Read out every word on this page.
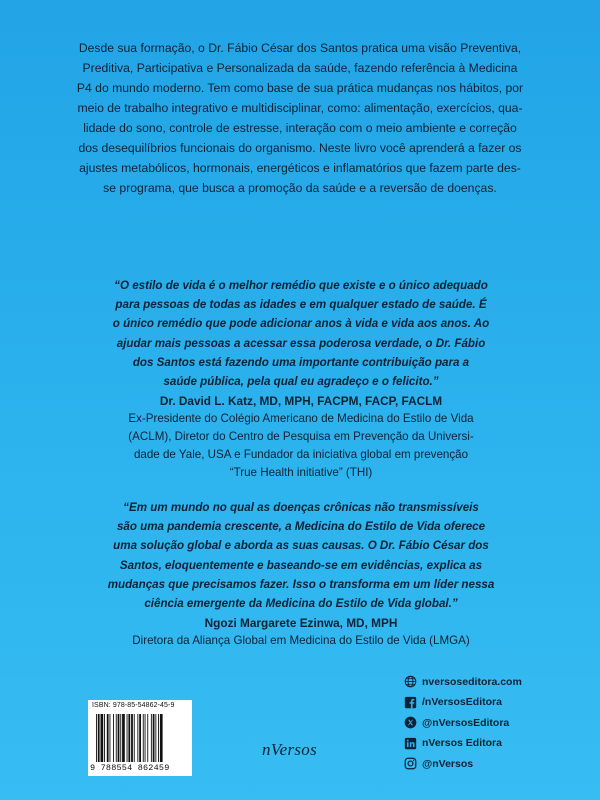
Desde sua formação, o Dr. Fábio César dos Santos pratica uma visão Preventiva,
Preditiva, Participativa e Personalizada da saúde, fazendo referência à Medicina
P4 do mundo moderno. Tem como base de sua prática mudanças nos hábitos, por
meio de trabalho integrativo e multidisciplinar, como: alimentação, exercícios, qua-
lidade do sono, controle de estresse, interação com o meio ambiente e correção
dos desequilíbrios funcionais do organismo. Neste livro você aprenderá a fazer os
ajustes metabólicos, hormonais, energéticos e inflamatórios que fazem parte des-
se programa, que busca a promoção da saúde e a reversão de doenças.
“O estilo de vida é o melhor remédio que existe e o único adequado
para pessoas de todas as idades e em qualquer estado de saúde. É
o único remédio que pode adicionar anos à vida e vida aos anos. Ao
ajudar mais pessoas a acessar essa poderosa verdade, o Dr. Fábio
dos Santos está fazendo uma importante contribuição para a
saúde pública, pela qual eu agradeço e o felicito.”
Dr. David L. Katz, MD, MPH, FACPM, FACP, FACLM
Ex-Presidente do Colégio Americano de Medicina do Estilo de Vida
(ACLM), Diretor do Centro de Pesquisa em Prevenção da Universi-
dade de Yale, USA e Fundador da iniciativa global em prevenção
“True Health initiative” (THI)
“Em um mundo no qual as doenças crônicas não transmissíveis
são uma pandemia crescente, a Medicina do Estilo de Vida oferece
uma solução global e aborda as suas causas. O Dr. Fábio César dos
Santos, eloquentemente e baseando-se em evidências, explica as
mudanças que precisamos fazer. Isso o transforma em um líder nessa
ciência emergente da Medicina do Estilo de Vida global.”
Ngozi Margarete Ezinwa, MD, MPH
Diretora da Aliança Global em Medicina do Estilo de Vida (LMGA)
ISBN: 978-85-54862-45-9
9 788554 862459
nVersos
nversoseditora.com
/nVersosEditora
@nVersosEditora
nVersos Editora
@nVersos
